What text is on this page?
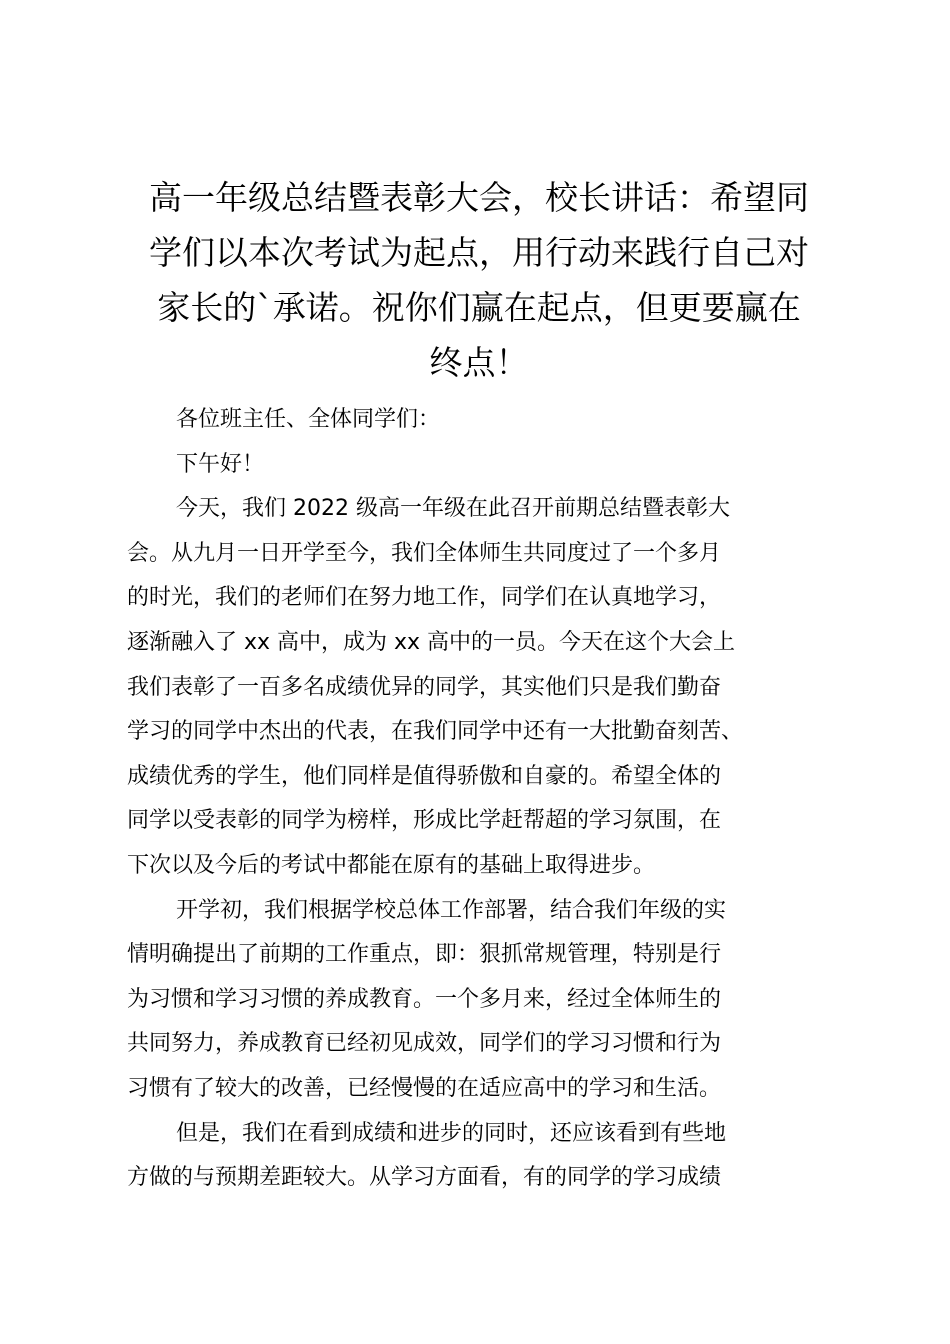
高一年级总结暨表彰大会，校长讲话：希望同
学们以本次考试为起点，用行动来践行自己对
家长的`承诺。祝你们赢在起点，但更要赢在
终点！
各位班主任、全体同学们：
下午好！
今天，我们 2022 级高一年级在此召开前期总结暨表彰大
会。从九月一日开学至今，我们全体师生共同度过了一个多月
的时光，我们的老师们在努力地工作，同学们在认真地学习，
逐渐融入了 xx 高中，成为 xx 高中的一员。今天在这个大会上
我们表彰了一百多名成绩优异的同学，其实他们只是我们勤奋
学习的同学中杰出的代表，在我们同学中还有一大批勤奋刻苦、
成绩优秀的学生，他们同样是值得骄傲和自豪的。希望全体的
同学以受表彰的同学为榜样，形成比学赶帮超的学习氛围，在
下次以及今后的考试中都能在原有的基础上取得进步。
开学初，我们根据学校总体工作部署，结合我们年级的实
情明确提出了前期的工作重点，即：狠抓常规管理，特别是行
为习惯和学习习惯的养成教育。一个多月来，经过全体师生的
共同努力，养成教育已经初见成效，同学们的学习习惯和行为
习惯有了较大的改善，已经慢慢的在适应高中的学习和生活。
但是，我们在看到成绩和进步的同时，还应该看到有些地
方做的与预期差距较大。从学习方面看，有的同学的学习成绩
